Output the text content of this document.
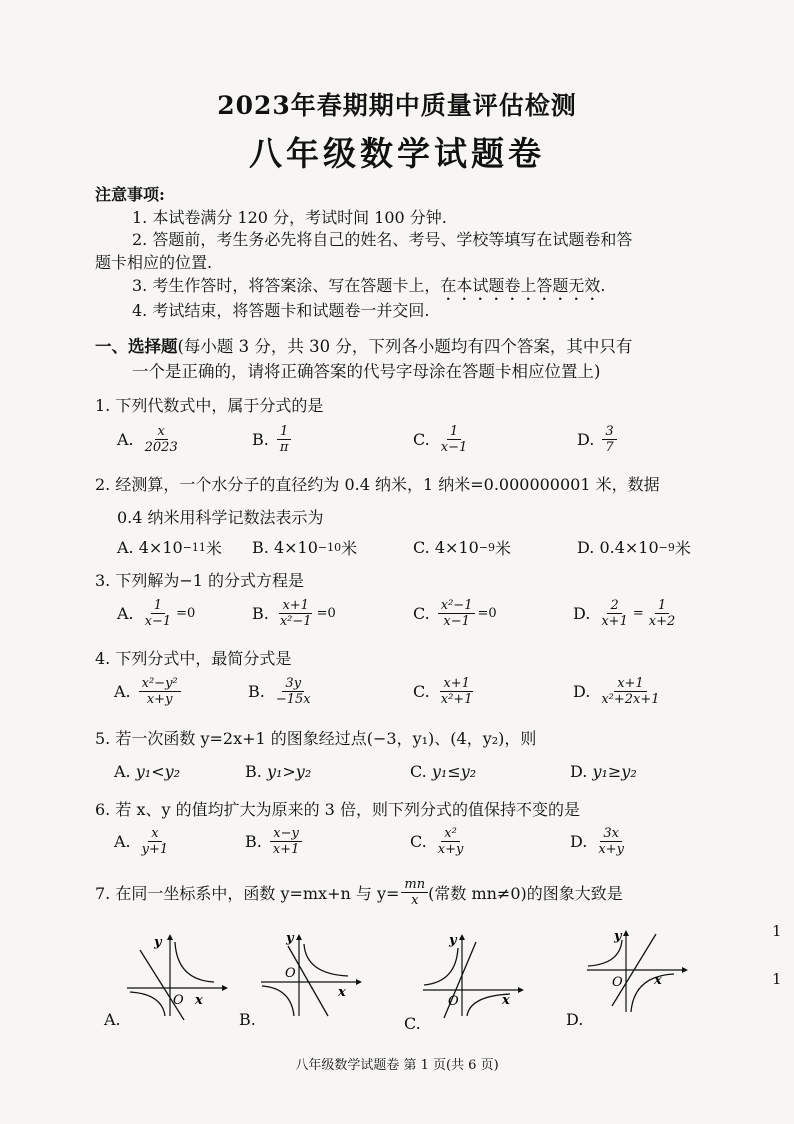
2023年春期期中质量评估检测
八年级数学试题卷
注意事项:
1. 本试卷满分 120 分，考试时间 100 分钟.
2. 答题前，考生务必先将自己的姓名、考号、学校等填写在试题卷和答
题卡相应的位置.
3. 考生作答时，将答案涂、写在答题卡上，在本试题卷上答题无效.
4. 考试结束，将答题卡和试题卷一并交回.
一、选择题(每小题 3 分，共 30 分，下列各小题均有四个答案，其中只有
一个是正确的，请将正确答案的代号字母涂在答题卡相应位置上)
1. 下列代数式中，属于分式的是
A. $\frac{x}{2023}$	B. $\frac{1}{\pi}$	C. $\frac{1}{x-1}$	D. $\frac{3}{7}$
2. 经测算，一个水分子的直径约为 0.4 纳米，1 纳米=0.000000001 米，数据
0.4 纳米用科学记数法表示为
A.
4×10 −11 米 B.
4×10 −10 米	C.
4×10 −9 米	D.
0.4×10 −9 米
3. 下列解为−1 的分式方程是
A. $\frac{1}{x-1} =0$	B. $\frac{x+1}{\text{x²−1}} =0$	C. $\frac{\text{x²−1}}{x-1} =0$	D. $\frac{2}{x+1} = \frac{1}{x+2}$
4. 下列分式中，最简分式是
A. $\frac{\text{x²−y²}}{x+y}$	B. $\frac{3y}{-15x}$	C. $\frac{x+1}{\text{x²+1}}$	D. $\frac{x+1}{\text{x²+2x+1}}$
5. 若一次函数 y=2x+1 的图象经过点(−3，y₁)、(4，y₂)，则
A.
y₁<y₂	B.
y₁>y₂	C.
y₁≤y₂	D.
y₁≥y₂
6. 若 x、y 的值均扩大为原来的 3 倍，则下列分式的值保持不变的是
A. $\frac{x}{y+1}$	B. $\frac{x-y}{x+1}$	C. $\frac{\text{x²}}{x+y}$	D. $\frac{3x}{x+y}$
7. 在同一坐标系中，函数 y=mx+n 与 $y= \frac{mn}{x}$ (常数 mn≠0)的图象大致是
O x
y
A.
O
x
y
B.
O	x
y
C.
O x
y
D.
1
1
八年级数学试题卷 第 1 页(共 6 页)
